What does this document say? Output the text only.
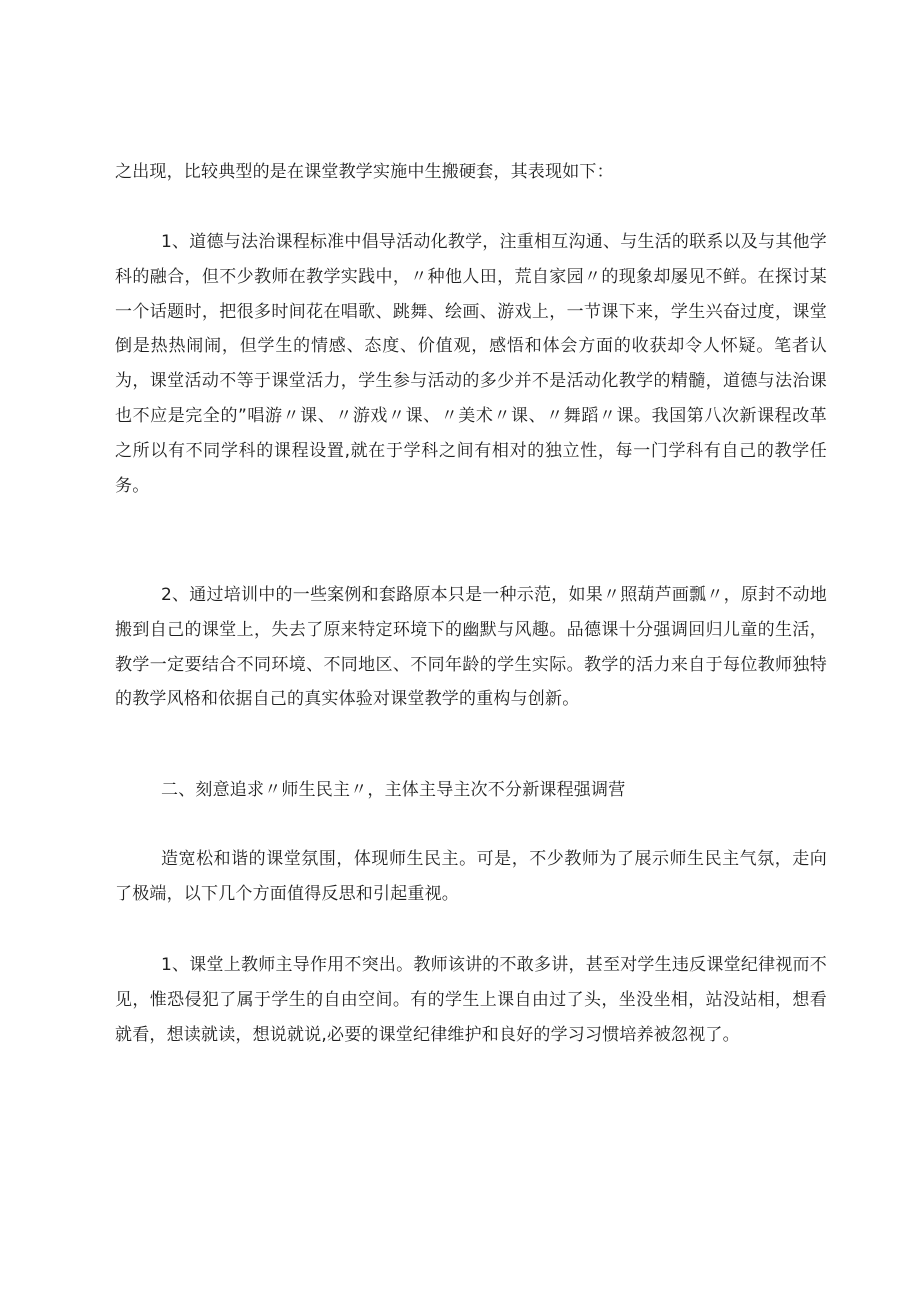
之出现，比较典型的是在课堂教学实施中生搬硬套，其表现如下：

1、道德与法治课程标准中倡导活动化教学，注重相互沟通、与生活的联系以及与其他学科的融合，但不少教师在教学实践中，〃种他人田，荒自家园〃的现象却屡见不鲜。在探讨某一个话题时，把很多时间花在唱歌、跳舞、绘画、游戏上，一节课下来，学生兴奋过度，课堂倒是热热闹闹，但学生的情感、态度、价值观，感悟和体会方面的收获却令人怀疑。笔者认为，课堂活动不等于课堂活力，学生参与活动的多少并不是活动化教学的精髓，道德与法治课也不应是完全的”唱游〃课、〃游戏〃课、〃美术〃课、〃舞蹈〃课。我国第八次新课程改革之所以有不同学科的课程设置,就在于学科之间有相对的独立性，每一门学科有自己的教学任务。

2、通过培训中的一些案例和套路原本只是一种示范，如果〃照葫芦画瓢〃，原封不动地搬到自己的课堂上，失去了原来特定环境下的幽默与风趣。品德课十分强调回归儿童的生活，教学一定要结合不同环境、不同地区、不同年龄的学生实际。教学的活力来自于每位教师独特的教学风格和依据自己的真实体验对课堂教学的重构与创新。

二、刻意追求〃师生民主〃，主体主导主次不分新课程强调营

造宽松和谐的课堂氛围，体现师生民主。可是，不少教师为了展示师生民主气氛，走向了极端，以下几个方面值得反思和引起重视。

1、课堂上教师主导作用不突出。教师该讲的不敢多讲，甚至对学生违反课堂纪律视而不见，惟恐侵犯了属于学生的自由空间。有的学生上课自由过了头，坐没坐相，站没站相，想看就看，想读就读，想说就说,必要的课堂纪律维护和良好的学习习惯培养被忽视了。
